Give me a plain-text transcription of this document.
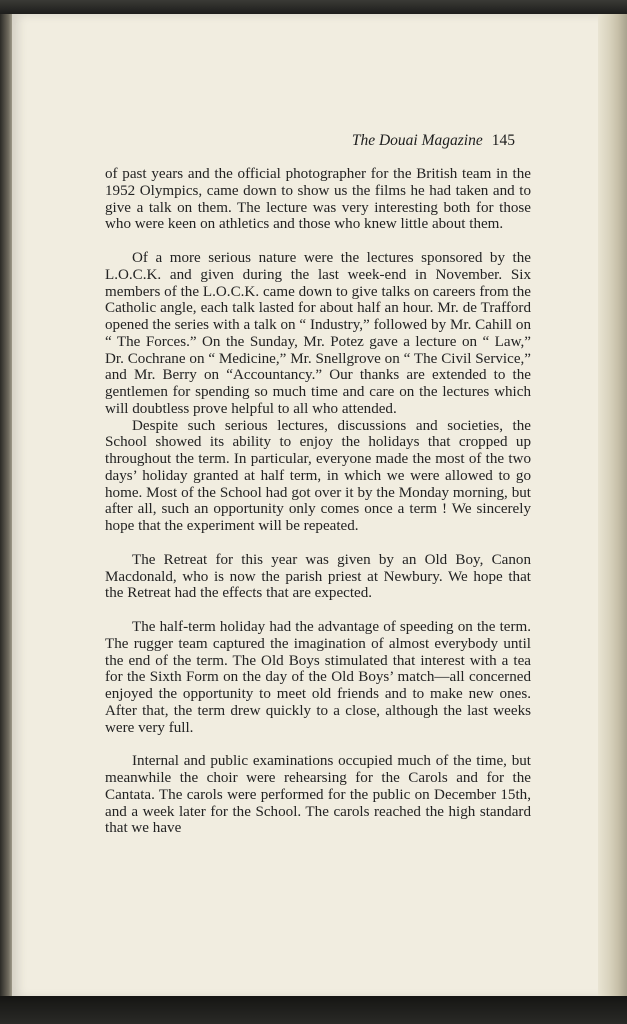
The Douai Magazine 145

of past years and the official photographer for the British team in the 1952 Olympics, came down to show us the films he had taken and to give a talk on them. The lecture was very interesting both for those who were keen on athletics and those who knew little about them.

Of a more serious nature were the lectures sponsored by the L.O.C.K. and given during the last week-end in November. Six members of the L.O.C.K. came down to give talks on careers from the Catholic angle, each talk lasted for about half an hour. Mr. de Trafford opened the series with a talk on “ Industry,” followed by Mr. Cahill on “ The Forces.” On the Sunday, Mr. Potez gave a lecture on “ Law,” Dr. Cochrane on “ Medicine,” Mr. Snellgrove on “ The Civil Service,” and Mr. Berry on “Accountancy.” Our thanks are extended to the gentlemen for spending so much time and care on the lectures which will doubtless prove helpful to all who attended.

Despite such serious lectures, discussions and societies, the School showed its ability to enjoy the holidays that cropped up throughout the term. In particular, everyone made the most of the two days’ holiday granted at half term, in which we were allowed to go home. Most of the School had got over it by the Monday morning, but after all, such an opportunity only comes once a term ! We sincerely hope that the experiment will be repeated.

The Retreat for this year was given by an Old Boy, Canon Macdonald, who is now the parish priest at Newbury. We hope that the Retreat had the effects that are expected.

The half-term holiday had the advantage of speeding on the term. The rugger team captured the imagination of almost everybody until the end of the term. The Old Boys stimulated that interest with a tea for the Sixth Form on the day of the Old Boys’ match—all concerned enjoyed the opportunity to meet old friends and to make new ones. After that, the term drew quickly to a close, although the last weeks were very full.

Internal and public examinations occupied much of the time, but meanwhile the choir were rehearsing for the Carols and for the Cantata. The carols were performed for the public on December 15th, and a week later for the School. The carols reached the high standard that we have
